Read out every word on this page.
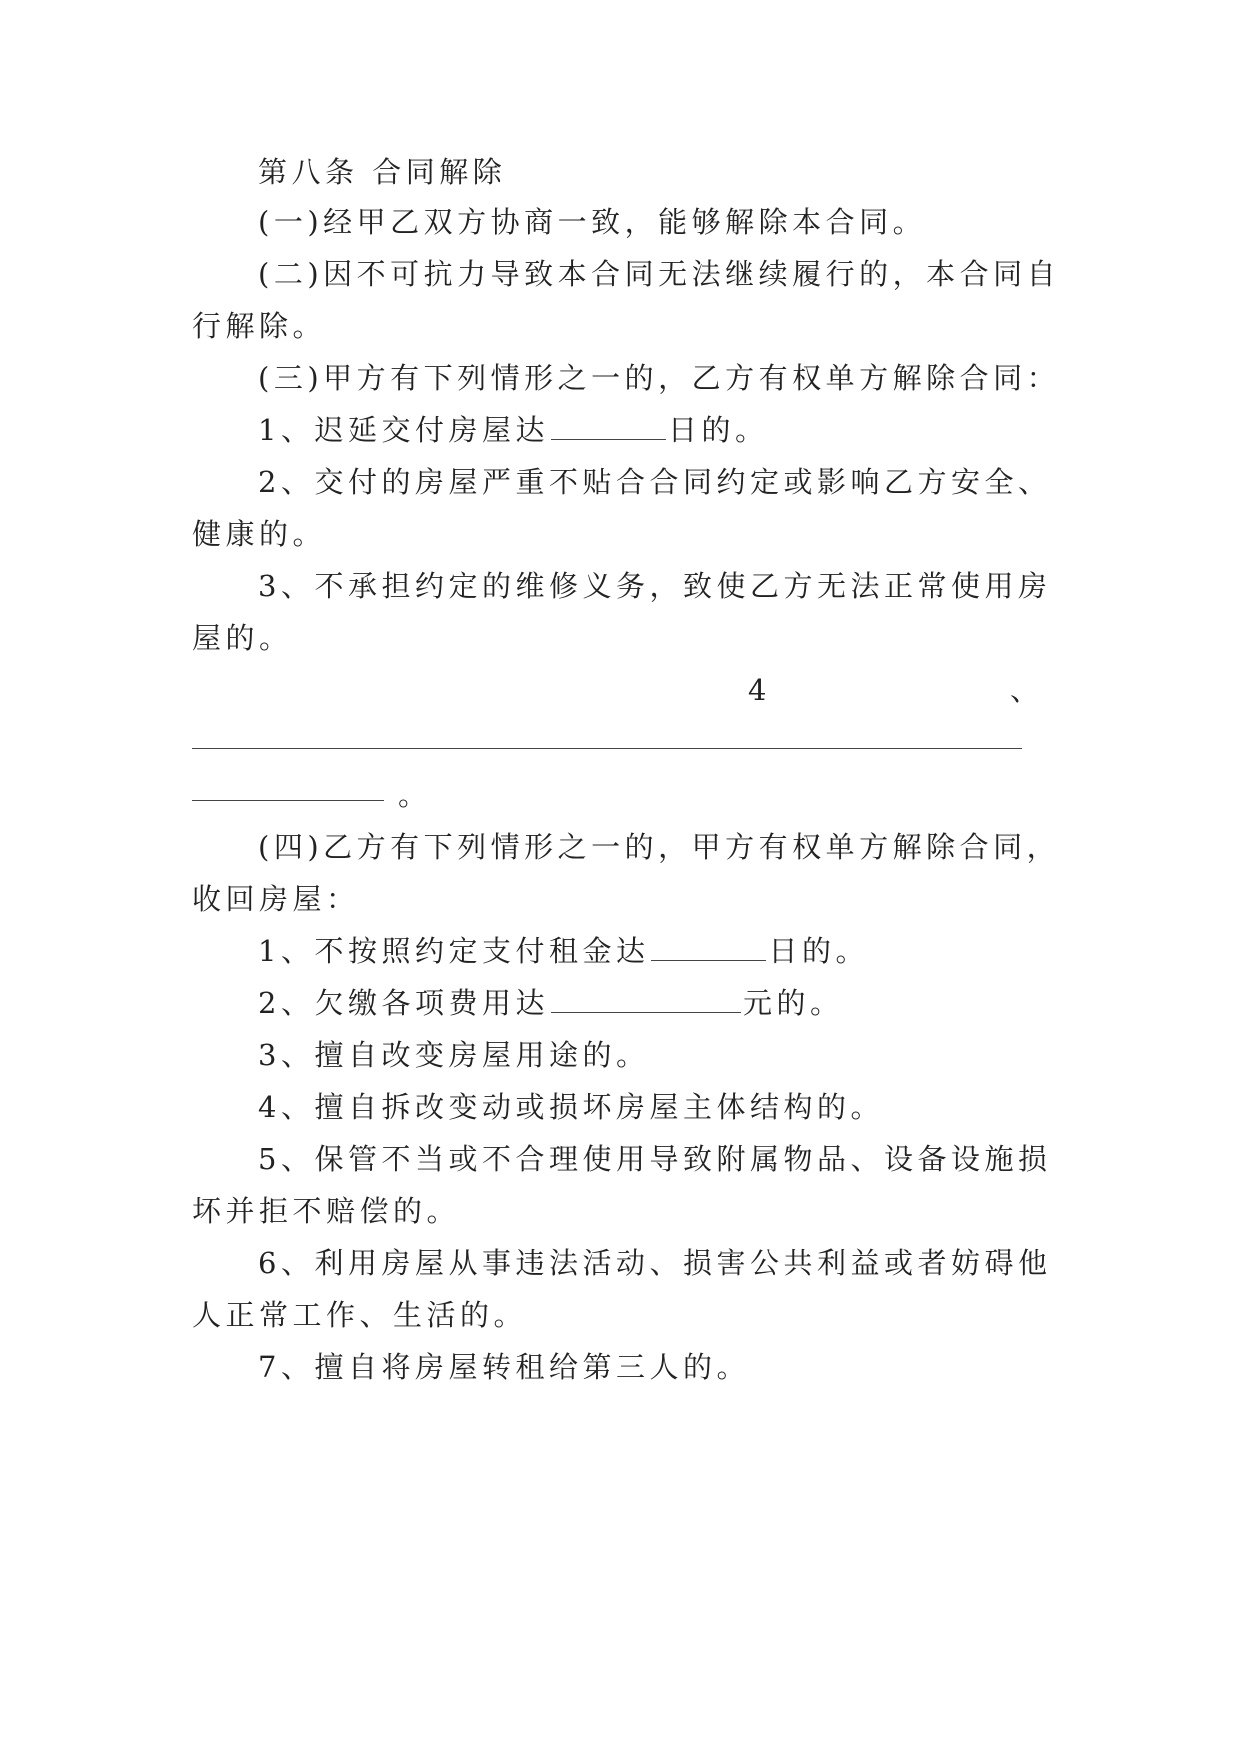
第八条 合同解除
(一)经甲乙双方协商一致，能够解除本合同。
(二)因不可抗力导致本合同无法继续履行的，本合同自
行解除。
(三)甲方有下列情形之一的，乙方有权单方解除合同：
1、迟延交付房屋达	日的。
2、交付的房屋严重不贴合合同约定或影响乙方安全、
健康的。
3、不承担约定的维修义务，致使乙方无法正常使用房
屋的。
4	、
。
(四)乙方有下列情形之一的，甲方有权单方解除合同，
收回房屋：
1、不按照约定支付租金达	日的。
2、欠缴各项费用达	元的。
3、擅自改变房屋用途的。
4、擅自拆改变动或损坏房屋主体结构的。
5、保管不当或不合理使用导致附属物品、设备设施损
坏并拒不赔偿的。
6、利用房屋从事违法活动、损害公共利益或者妨碍他
人正常工作、生活的。
7、擅自将房屋转租给第三人的。
